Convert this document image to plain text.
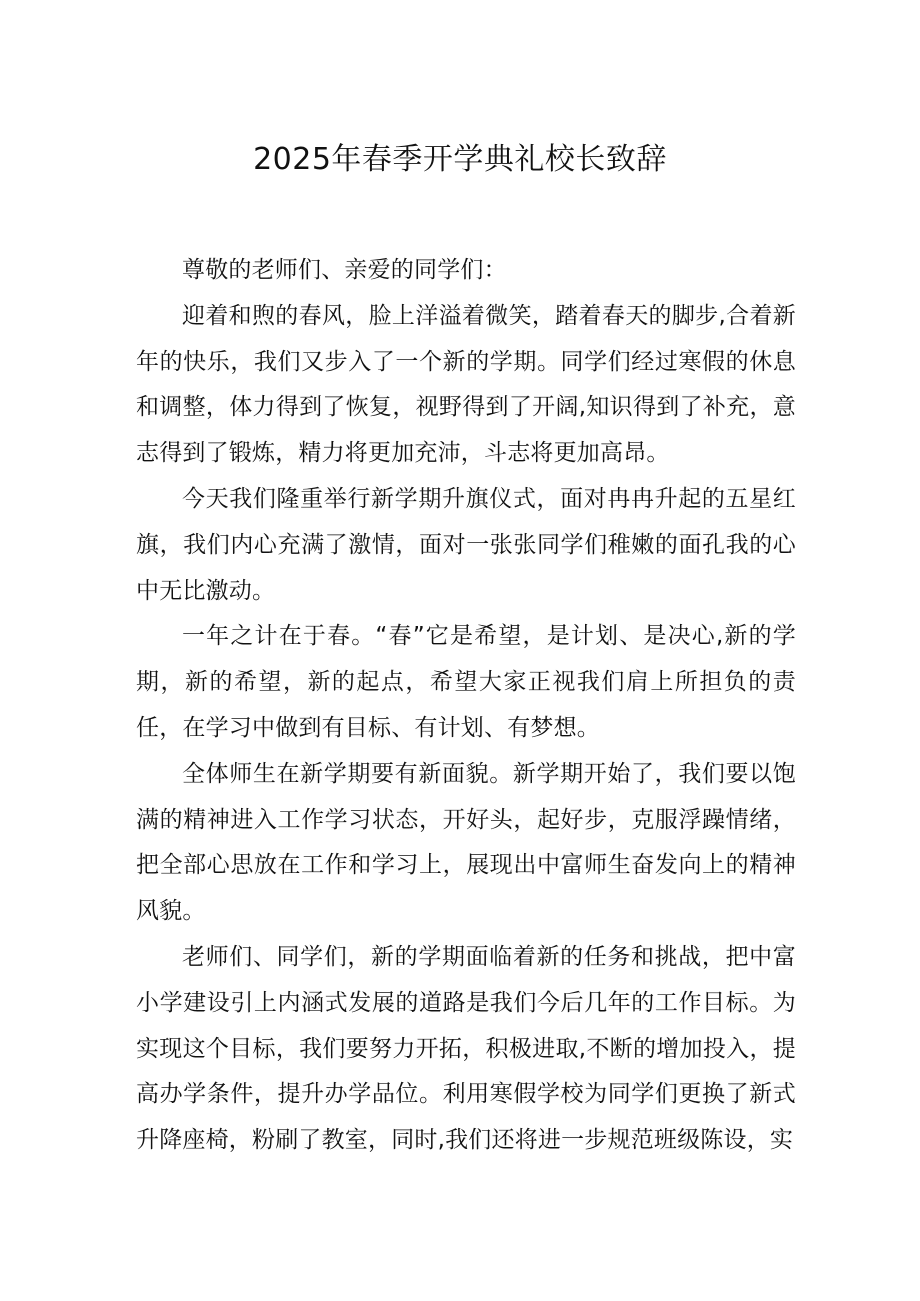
2025年春季开学典礼校长致辞

尊敬的老师们、亲爱的同学们：

迎着和煦的春风，脸上洋溢着微笑，踏着春天的脚步,合着新年的快乐，我们又步入了一个新的学期。同学们经过寒假的休息和调整，体力得到了恢复，视野得到了开阔,知识得到了补充，意志得到了锻炼，精力将更加充沛，斗志将更加高昂。

今天我们隆重举行新学期升旗仪式，面对冉冉升起的五星红旗，我们内心充满了激情，面对一张张同学们稚嫩的面孔我的心中无比激动。

一年之计在于春。“春”它是希望，是计划、是决心,新的学期，新的希望，新的起点，希望大家正视我们肩上所担负的责任，在学习中做到有目标、有计划、有梦想。

全体师生在新学期要有新面貌。新学期开始了，我们要以饱满的精神进入工作学习状态，开好头，起好步，克服浮躁情绪，把全部心思放在工作和学习上，展现出中富师生奋发向上的精神风貌。

老师们、同学们，新的学期面临着新的任务和挑战，把中富小学建设引上内涵式发展的道路是我们今后几年的工作目标。为实现这个目标，我们要努力开拓，积极进取,不断的增加投入，提高办学条件，提升办学品位。利用寒假学校为同学们更换了新式升降座椅，粉刷了教室，同时,我们还将进一步规范班级陈设，实
